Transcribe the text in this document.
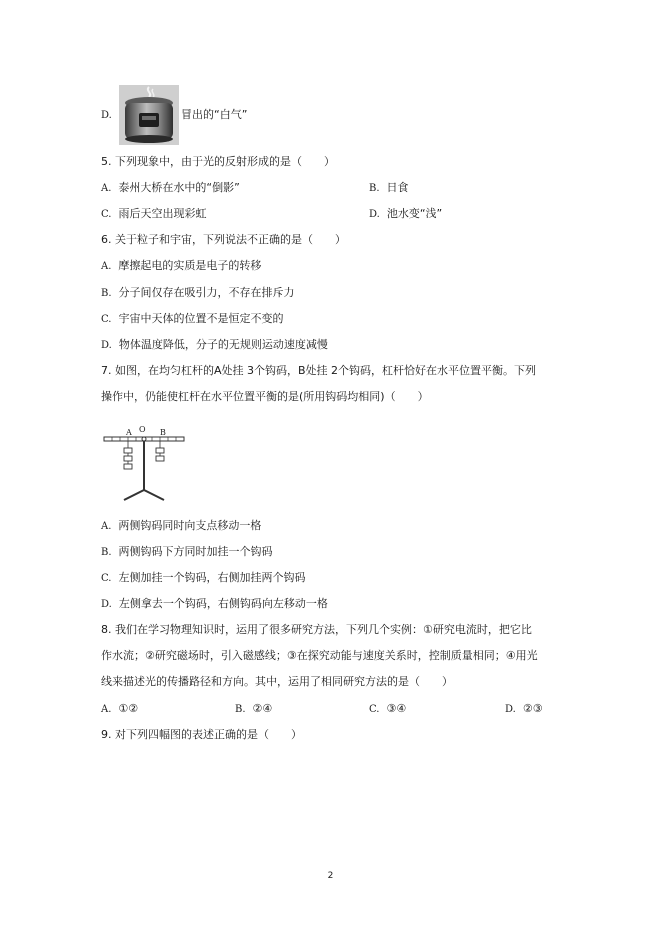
D.	冒出的“白气”
5. 下列现象中，由于光的反射形成的是（　　）
A. 泰州大桥在水中的“倒影”	B. 日食
C. 雨后天空出现彩虹	D. 池水变“浅”
6. 关于粒子和宇宙，下列说法不正确的是（　　）
A. 摩擦起电的实质是电子的转移
B. 分子间仅存在吸引力，不存在排斥力
C. 宇宙中天体的位置不是恒定不变的
D. 物体温度降低，分子的无规则运动速度减慢
7. 如图，在均匀杠杆的A处挂 3个钩码，B处挂 2个钩码，杠杆恰好在水平位置平衡。下列
操作中，仍能使杠杆在水平位置平衡的是(所用钩码均相同)（　　）
A O B
A. 两侧钩码同时向支点移动一格
B. 两侧钩码下方同时加挂一个钩码
C. 左侧加挂一个钩码，右侧加挂两个钩码
D. 左侧拿去一个钩码，右侧钩码向左移动一格
8. 我们在学习物理知识时，运用了很多研究方法，下列几个实例：①研究电流时，把它比
作水流；②研究磁场时，引入磁感线；③在探究动能与速度关系时，控制质量相同；④用光
线来描述光的传播路径和方向。其中，运用了相同研究方法的是（　　）
A. ①②	B. ②④	C. ③④	D. ②③
9. 对下列四幅图的表述正确的是（　　）
2
